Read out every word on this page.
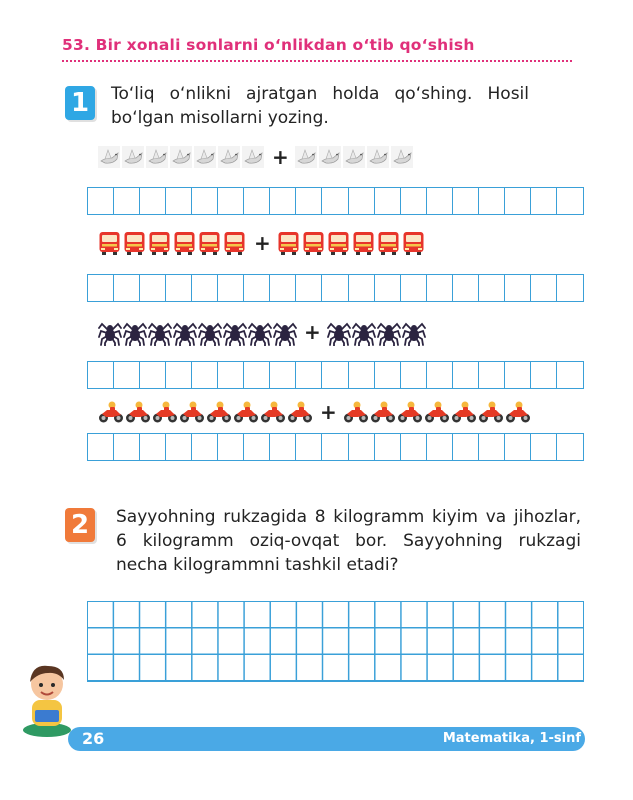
53. Bir xonali sonlarni o‘nlikdan o‘tib qo‘shish
1	To‘liq o‘nlikni ajratgan holda qo‘shing. Hosil bo‘lgan misollarni yozing.
+
+
+
+
2	Sayyohning rukzagida 8 kilogramm kiyim va jihozlar, 6 kilogramm oziq-ovqat bor. Sayyohning rukzagi necha kilogrammni tashkil etadi?
26	Matematika, 1-sinf
